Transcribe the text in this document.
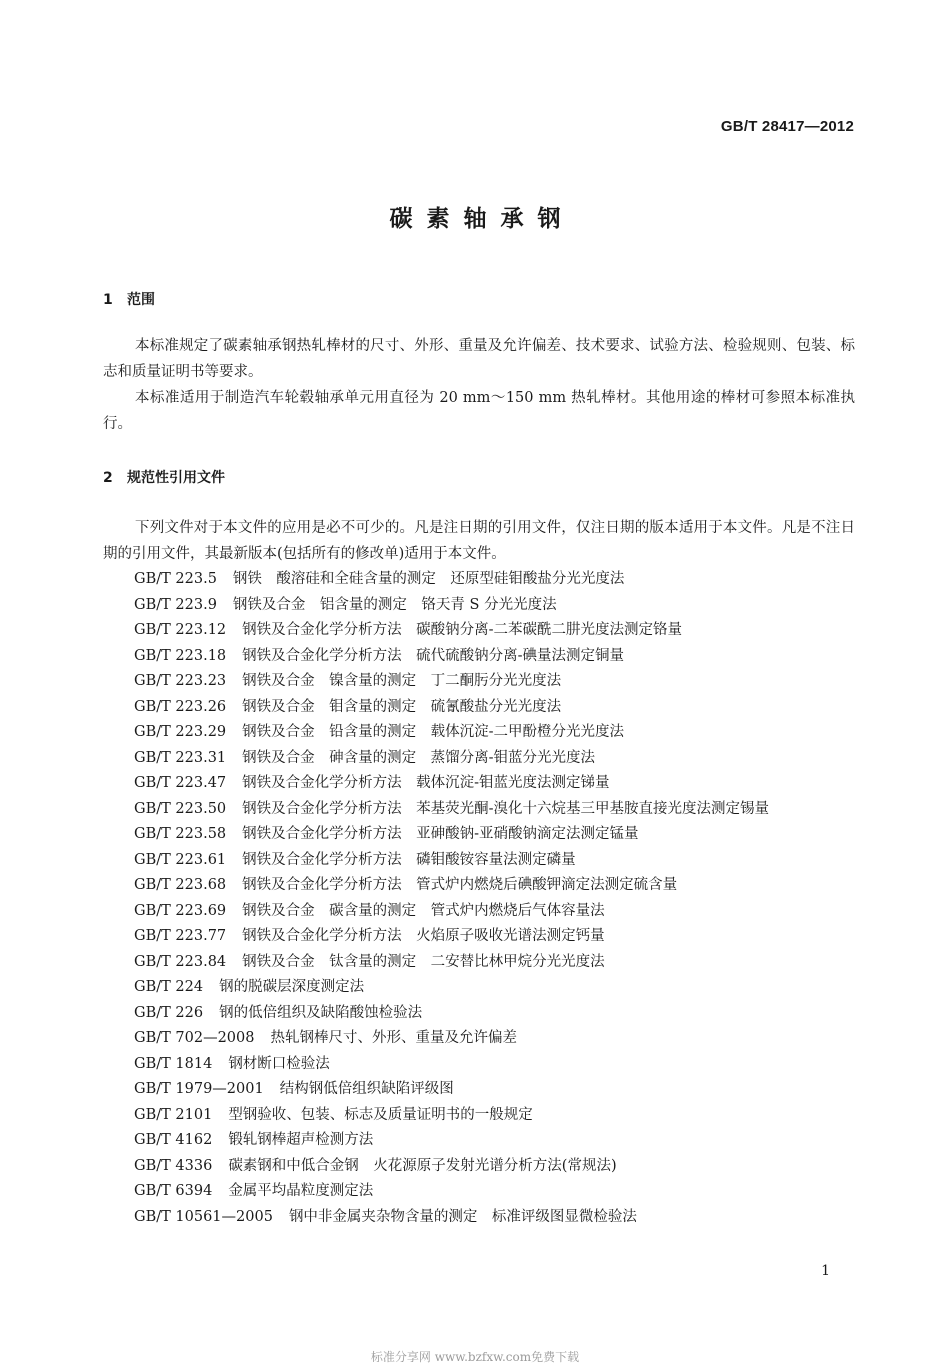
GB/T 28417—2012
碳素轴承钢
1 范围

本标准规定了碳素轴承钢热轧棒材的尺寸、外形、重量及允许偏差、技术要求、试验方法、检验规则、包装、标志和质量证明书等要求。

本标准适用于制造汽车轮毂轴承单元用直径为 20 mm～150 mm 热轧棒材。其他用途的棒材可参照本标准执行。

2 规范性引用文件

下列文件对于本文件的应用是必不可少的。凡是注日期的引用文件，仅注日期的版本适用于本文件。凡是不注日期的引用文件，其最新版本(包括所有的修改单)适用于本文件。

GB/T 223.5 钢铁　酸溶硅和全硅含量的测定　还原型硅钼酸盐分光光度法
GB/T 223.9 钢铁及合金　铝含量的测定　铬天青 S 分光光度法
GB/T 223.12 钢铁及合金化学分析方法　碳酸钠分离-二苯碳酰二肼光度法测定铬量
GB/T 223.18 钢铁及合金化学分析方法　硫代硫酸钠分离-碘量法测定铜量
GB/T 223.23 钢铁及合金　镍含量的测定　丁二酮肟分光光度法
GB/T 223.26 钢铁及合金　钼含量的测定　硫氰酸盐分光光度法
GB/T 223.29 钢铁及合金　铅含量的测定　载体沉淀-二甲酚橙分光光度法
GB/T 223.31 钢铁及合金　砷含量的测定　蒸馏分离-钼蓝分光光度法
GB/T 223.47 钢铁及合金化学分析方法　载体沉淀-钼蓝光度法测定锑量
GB/T 223.50 钢铁及合金化学分析方法　苯基荧光酮-溴化十六烷基三甲基胺直接光度法测定锡量
GB/T 223.58 钢铁及合金化学分析方法　亚砷酸钠-亚硝酸钠滴定法测定锰量
GB/T 223.61 钢铁及合金化学分析方法　磷钼酸铵容量法测定磷量
GB/T 223.68 钢铁及合金化学分析方法　管式炉内燃烧后碘酸钾滴定法测定硫含量
GB/T 223.69 钢铁及合金　碳含量的测定　管式炉内燃烧后气体容量法
GB/T 223.77 钢铁及合金化学分析方法　火焰原子吸收光谱法测定钙量
GB/T 223.84 钢铁及合金　钛含量的测定　二安替比林甲烷分光光度法
GB/T 224 钢的脱碳层深度测定法
GB/T 226 钢的低倍组织及缺陷酸蚀检验法
GB/T 702—2008 热轧钢棒尺寸、外形、重量及允许偏差
GB/T 1814 钢材断口检验法
GB/T 1979—2001 结构钢低倍组织缺陷评级图
GB/T 2101 型钢验收、包装、标志及质量证明书的一般规定
GB/T 4162 锻轧钢棒超声检测方法
GB/T 4336 碳素钢和中低合金钢　火花源原子发射光谱分析方法(常规法)
GB/T 6394 金属平均晶粒度测定法
GB/T 10561—2005 钢中非金属夹杂物含量的测定　标准评级图显微检验法
1
标准分享网 www.bzfxw.com免费下载
